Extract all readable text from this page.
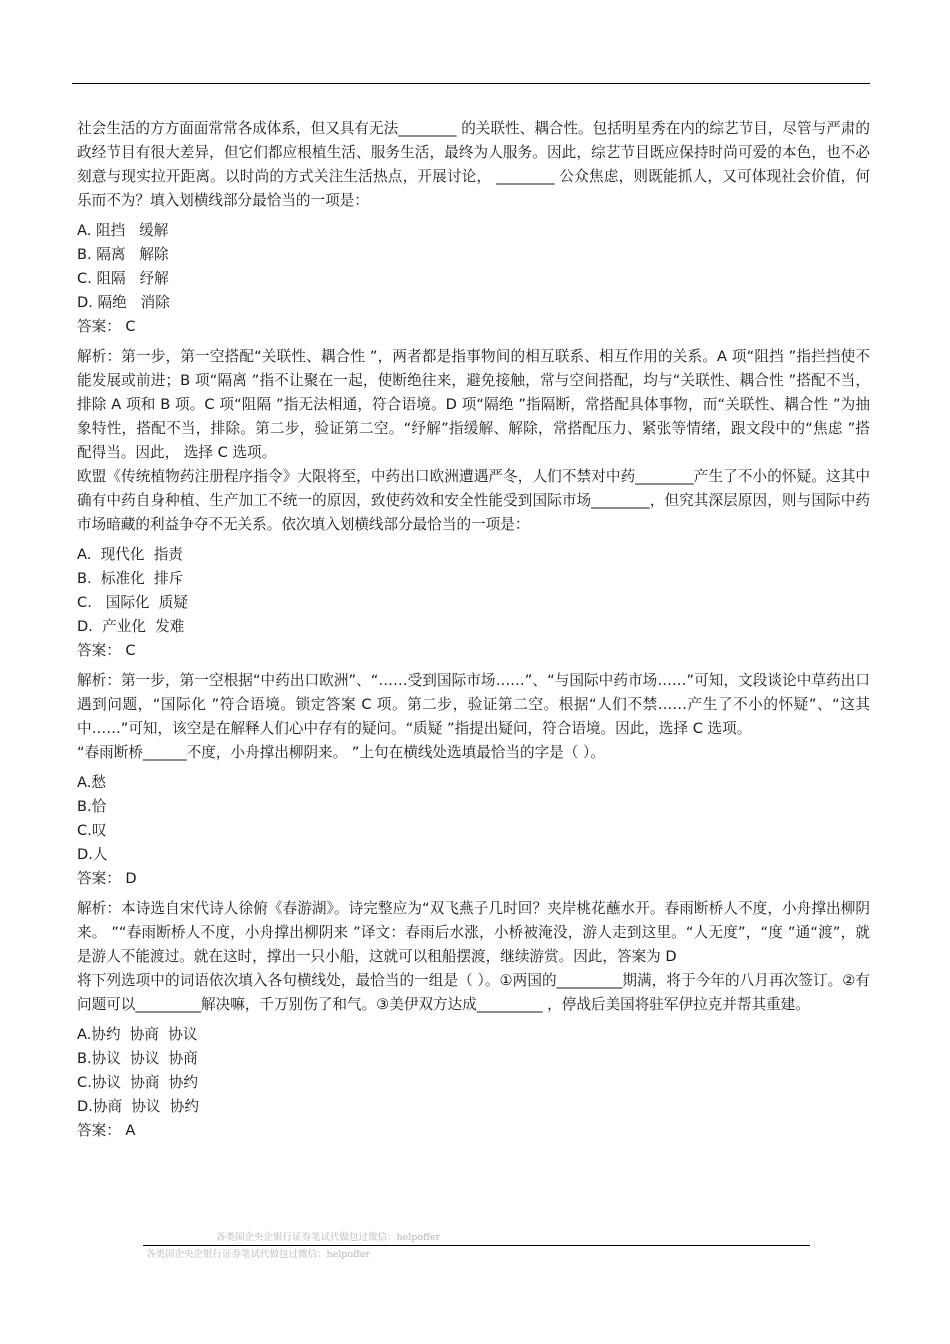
社会生活的方方面面常常各成体系，但又具有无法________ 的关联性、耦合性。包括明星秀在内的综艺节目，尽管与严肃的政经节目有很大差异，但它们都应根植生活、服务生活，最终为人服务。因此，综艺节目既应保持时尚可爱的本色，也不必刻意与现实拉开距离。以时尚的方式关注生活热点，开展讨论， ________ 公众焦虑，则既能抓人，又可体现社会价值，何乐而不为？填入划横线部分最恰当的一项是：

A. 阻挡   缓解

B. 隔离   解除

C. 阻隔   纾解

D. 隔绝   消除

答案： C

解析：第一步，第一空搭配“关联性、耦合性 ”，两者都是指事物间的相互联系、相互作用的关系。A 项“阻挡 ”指拦挡使不能发展或前进；B 项“隔离 ”指不让聚在一起，使断绝往来，避免接触，常与空间搭配，均与“关联性、耦合性 ”搭配不当，排除 A 项和 B 项。C 项“阻隔 ”指无法相通，符合语境。D 项“隔绝 ”指隔断，常搭配具体事物，而“关联性、耦合性 ”为抽象特性，搭配不当，排除。第二步，验证第二空。“纾解”指缓解、解除，常搭配压力、紧张等情绪，跟文段中的“焦虑 ”搭配得当。因此， 选择 C 选项。

欧盟《传统植物药注册程序指令》大限将至，中药出口欧洲遭遇严冬，人们不禁对中药________产生了不小的怀疑。这其中确有中药自身种植、生产加工不统一的原因，致使药效和安全性能受到国际市场________，但究其深层原因，则与国际中药市场暗藏的利益争夺不无关系。依次填入划横线部分最恰当的一项是：

A.  现代化  指责

B.  标准化  排斥

C.   国际化  质疑

D.  产业化  发难

答案： C

解析：第一步，第一空根据“中药出口欧洲”、“……受到国际市场……”、“与国际中药市场……”可知，文段谈论中草药出口遇到问题，“国际化 ”符合语境。锁定答案 C 项。第二步，验证第二空。根据“人们不禁……产生了不小的怀疑”、“这其中……”可知，该空是在解释人们心中存有的疑问。“质疑 ”指提出疑问，符合语境。因此，选择 C 选项。

“春雨断桥______不度，小舟撑出柳阴来。 ”上句在横线处选填最恰当的字是（ ）。

A.愁

B.恰

C.叹

D.人

答案： D

解析：本诗选自宋代诗人徐俯《春游湖》。诗完整应为“双飞燕子几时回？夹岸桃花蘸水开。春雨断桥人不度，小舟撑出柳阴来。 ”“春雨断桥人不度，小舟撑出柳阴来 ”译文：春雨后水涨，小桥被淹没，游人走到这里。“人无度”，“度 ”通“渡”，就是游人不能渡过。就在这时，撑出一只小船，这就可以租船摆渡，继续游赏。因此，答案为 D

将下列选项中的词语依次填入各句横线处，最恰当的一组是（ ）。①两国的_________期满，将于今年的八月再次签订。②有问题可以_________解决嘛，千万别伤了和气。③美伊双方达成_________ ，停战后美国将驻军伊拉克并帮其重建。

A.协约  协商  协议

B.协议  协议  协商

C.协议  协商  协约

D.协商  协议  协约

答案： A

各类国企央企银行证券笔试代做包过微信：helpoffer
各类国企央企银行证券笔试代做包过微信：helpoffer
